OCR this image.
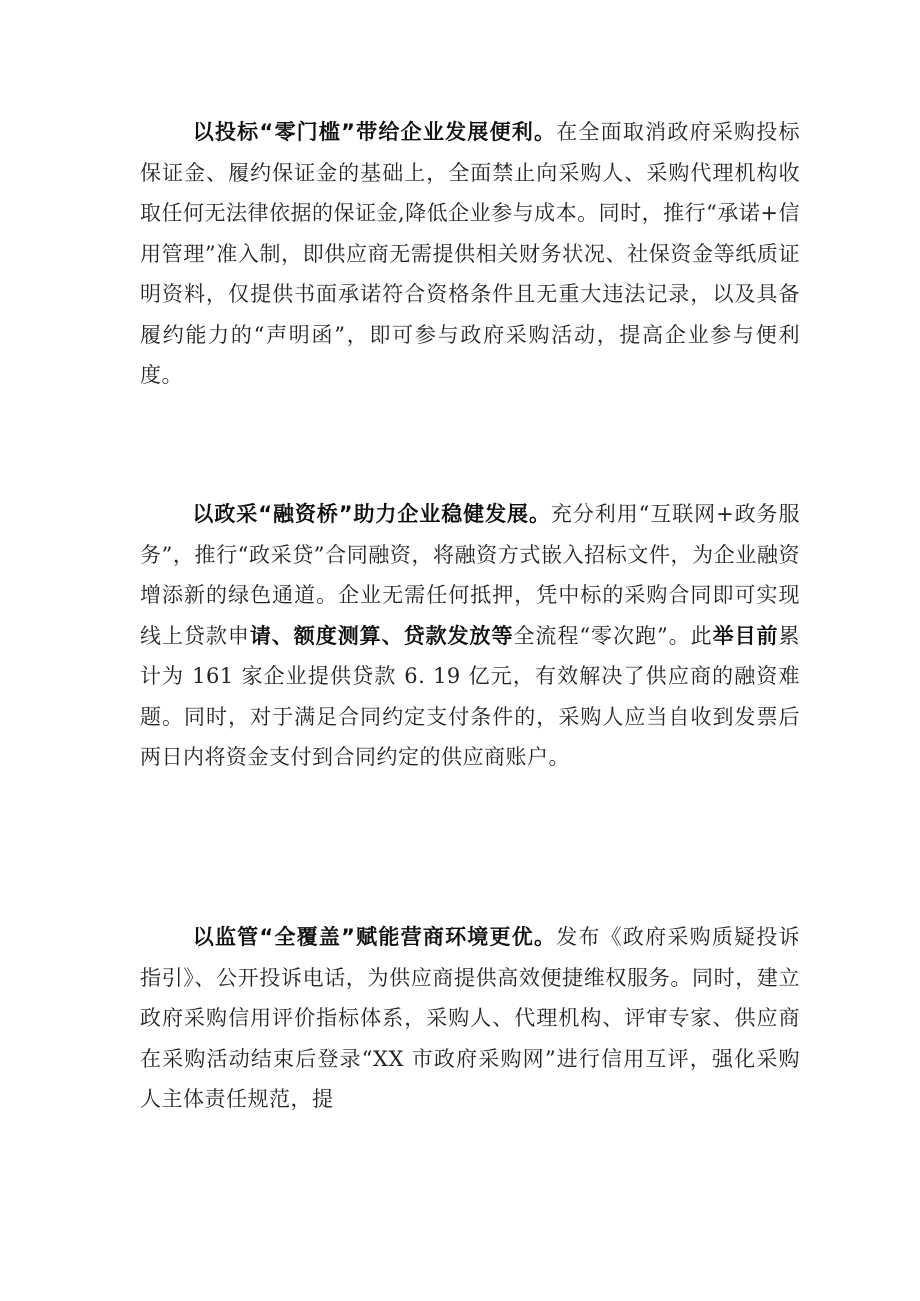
以投标“零门槛”带给企业发展便利。在全面取消政府采购投标保证金、履约保证金的基础上，全面禁止向采购人、采购代理机构收取任何无法律依据的保证金,降低企业参与成本。同时，推行“承诺+信用管理”准入制，即供应商无需提供相关财务状况、社保资金等纸质证明资料，仅提供书面承诺符合资格条件且无重大违法记录，以及具备履约能力的“声明函”，即可参与政府采购活动，提高企业参与便利度。

以政采“融资桥”助力企业稳健发展。充分利用“互联网+政务服务”，推行“政采贷”合同融资，将融资方式嵌入招标文件，为企业融资增添新的绿色通道。企业无需任何抵押，凭中标的采购合同即可实现线上贷款申请、额度测算、贷款发放等全流程“零次跑”。此举目前累计为 161 家企业提供贷款 6. 19 亿元，有效解决了供应商的融资难题。同时，对于满足合同约定支付条件的，采购人应当自收到发票后两日内将资金支付到合同约定的供应商账户。

以监管“全覆盖”赋能营商环境更优。发布《政府采购质疑投诉指引》、公开投诉电话，为供应商提供高效便捷维权服务。同时，建立政府采购信用评价指标体系，采购人、代理机构、评审专家、供应商在采购活动结束后登录“XX 市政府采购网”进行信用互评，强化采购人主体责任规范，提
